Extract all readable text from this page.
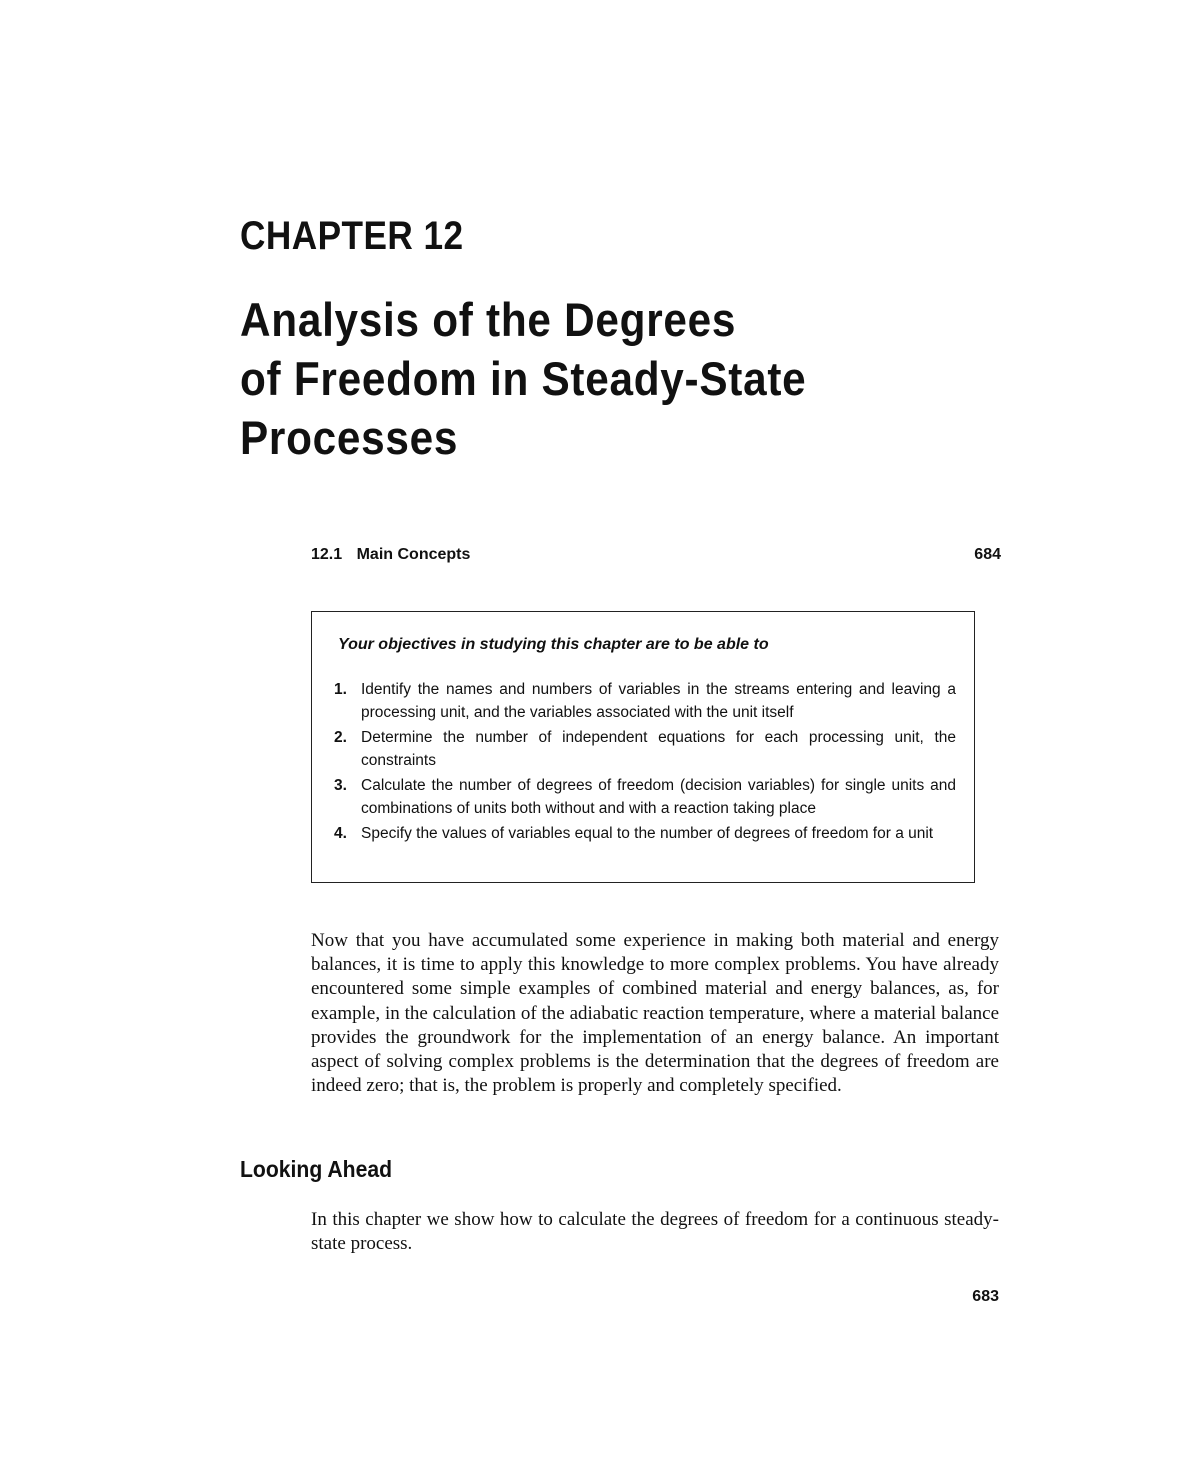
CHAPTER 12
Analysis of the Degrees
of Freedom in Steady-State
Processes
12.1 Main Concepts	684
Your objectives in studying this chapter are to be able to
1. Identify the names and numbers of variables in the streams entering and leaving a processing unit, and the variables associated with the unit itself
2. Determine the number of independent equations for each processing unit, the constraints
3. Calculate the number of degrees of freedom (decision variables) for single units and combinations of units both without and with a reaction taking place
4. Specify the values of variables equal to the number of degrees of freedom for a unit

Now that you have accumulated some experience in making both material and energy balances, it is time to apply this knowledge to more complex problems. You have already encountered some simple examples of combined material and energy balances, as, for example, in the calculation of the adiabatic reaction temperature, where a material balance provides the groundwork for the implementation of an energy balance. An important aspect of solving complex problems is the determination that the degrees of freedom are indeed zero; that is, the problem is properly and completely specified.

Looking Ahead

In this chapter we show how to calculate the degrees of freedom for a continuous steady-state process.

683
